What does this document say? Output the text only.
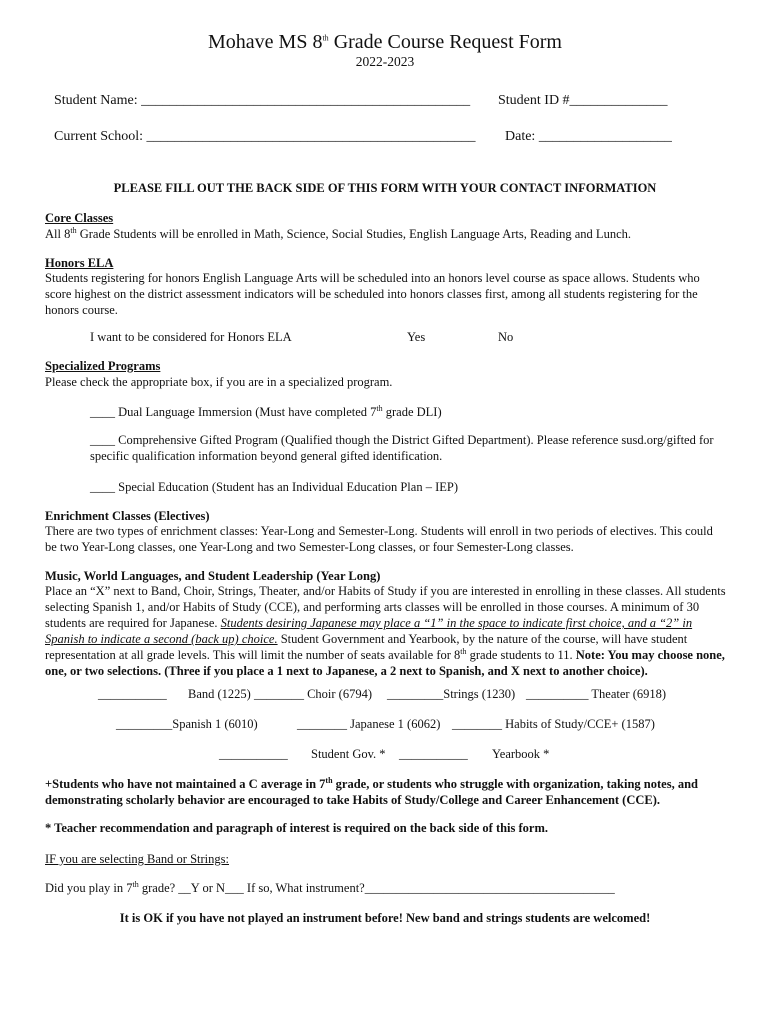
Mohave MS 8th Grade Course Request Form
2022-2023
Student Name: _______________________________________________ Student ID #______________
Current School: _______________________________________________ Date: ___________________
PLEASE FILL OUT THE BACK SIDE OF THIS FORM WITH YOUR CONTACT INFORMATION
Core Classes
All 8th Grade Students will be enrolled in Math, Science, Social Studies, English Language Arts, Reading and Lunch.
Honors ELA
Students registering for honors English Language Arts will be scheduled into an honors level course as space allows. Students who score highest on the district assessment indicators will be scheduled into honors classes first, among all students registering for the honors course.
I want to be considered for Honors ELA	Yes	No
Specialized Programs
Please check the appropriate box, if you are in a specialized program.
____ Dual Language Immersion (Must have completed 7th grade DLI)
____ Comprehensive Gifted Program (Qualified though the District Gifted Department). Please reference susd.org/gifted for specific qualification information beyond general gifted identification.
____ Special Education (Student has an Individual Education Plan – IEP)
Enrichment Classes (Electives)
There are two types of enrichment classes: Year-Long and Semester-Long. Students will enroll in two periods of electives. This could be two Year-Long classes, one Year-Long and two Semester-Long classes, or four Semester-Long classes.
Music, World Languages, and Student Leadership (Year Long)
Place an “X” next to Band, Choir, Strings, Theater, and/or Habits of Study if you are interested in enrolling in these classes. All students selecting Spanish 1, and/or Habits of Study (CCE), and performing arts classes will be enrolled in those courses. A minimum of 30 students are required for Japanese. Students desiring Japanese may place a “1” in the space to indicate first choice, and a “2” in Spanish to indicate a second (back up) choice. Student Government and Yearbook, by the nature of the course, will have student representation at all grade levels. This will limit the number of seats available for 8th grade students to 11. Note: You may choose none, one, or two selections. (Three if you place a 1 next to Japanese, a 2 next to Spanish, and X next to another choice).
___________ Band (1225) ________ Choir (6794) _________Strings (1230) __________ Theater (6918)
_________Spanish 1 (6010)	________ Japanese 1 (6062) ________ Habits of Study/CCE+ (1587)
___________ Student Gov. * ___________ Yearbook *
+Students who have not maintained a C average in 7th grade, or students who struggle with organization, taking notes, and demonstrating scholarly behavior are encouraged to take Habits of Study/College and Career Enhancement (CCE).
* Teacher recommendation and paragraph of interest is required on the back side of this form.
IF you are selecting Band or Strings:
Did you play in 7th grade? __Y or N___ If so, What instrument?________________________________________
It is OK if you have not played an instrument before! New band and strings students are welcomed!
